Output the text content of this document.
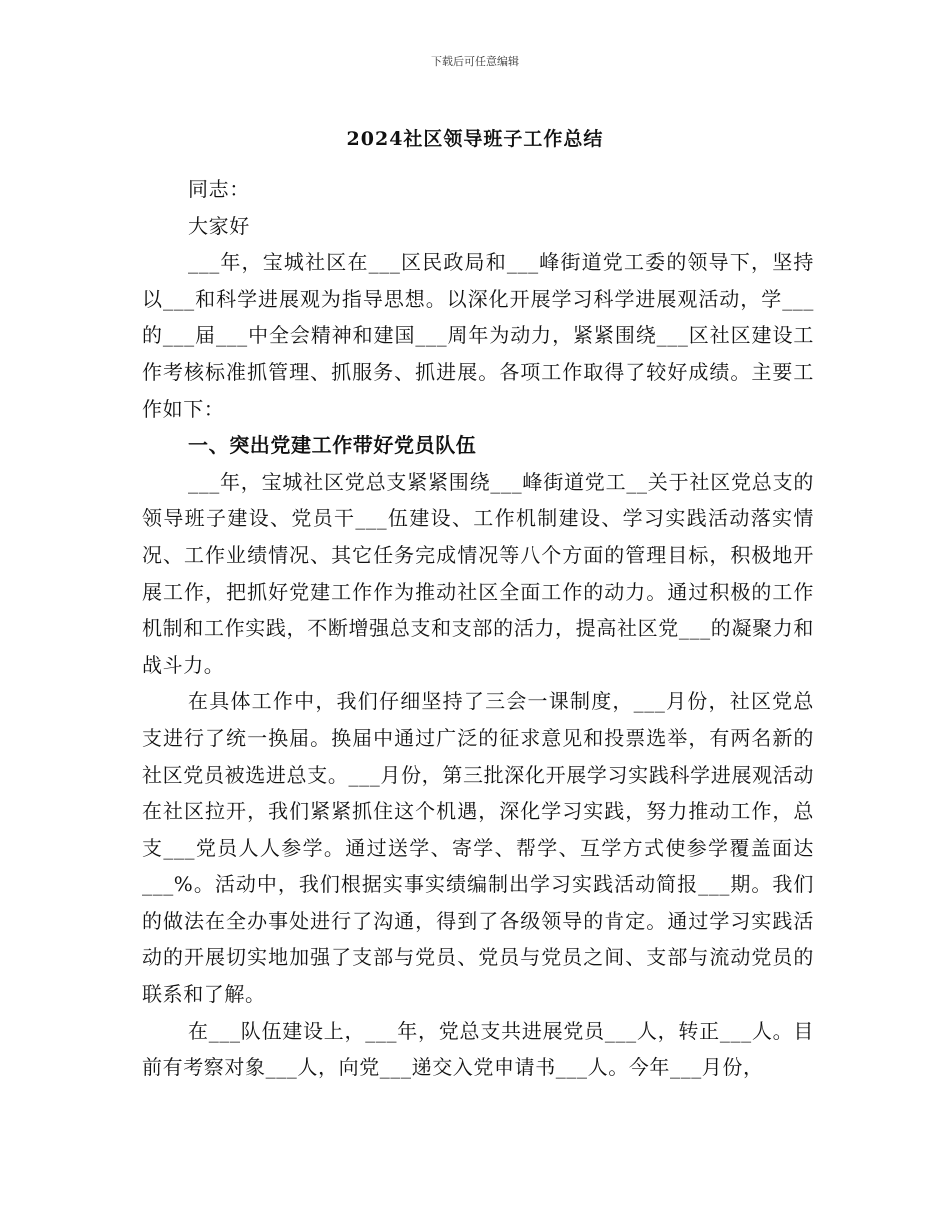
下载后可任意编辑
2024社区领导班子工作总结

同志：

大家好

___年，宝城社区在___区民政局和___峰街道党工委的领导下，坚持以___和科学进展观为指导思想。以深化开展学习科学进展观活动，学___的___届___中全会精神和建国___周年为动力，紧紧围绕___区社区建设工作考核标准抓管理、抓服务、抓进展。各项工作取得了较好成绩。主要工作如下：

一、突出党建工作带好党员队伍

___年，宝城社区党总支紧紧围绕___峰街道党工__关于社区党总支的领导班子建设、党员干___伍建设、工作机制建设、学习实践活动落实情况、工作业绩情况、其它任务完成情况等八个方面的管理目标，积极地开展工作，把抓好党建工作作为推动社区全面工作的动力。通过积极的工作机制和工作实践，不断增强总支和支部的活力，提高社区党___的凝聚力和战斗力。

在具体工作中，我们仔细坚持了三会一课制度，___月份，社区党总支进行了统一换届。换届中通过广泛的征求意见和投票选举，有两名新的社区党员被选进总支。___月份，第三批深化开展学习实践科学进展观活动在社区拉开，我们紧紧抓住这个机遇，深化学习实践，努力推动工作，总支___党员人人参学。通过送学、寄学、帮学、互学方式使参学覆盖面达___%。活动中，我们根据实事实绩编制出学习实践活动简报___期。我们的做法在全办事处进行了沟通，得到了各级领导的肯定。通过学习实践活动的开展切实地加强了支部与党员、党员与党员之间、支部与流动党员的联系和了解。

在___队伍建设上，___年，党总支共进展党员___人，转正___人。目前有考察对象___人，向党___递交入党申请书___人。今年___月份，
